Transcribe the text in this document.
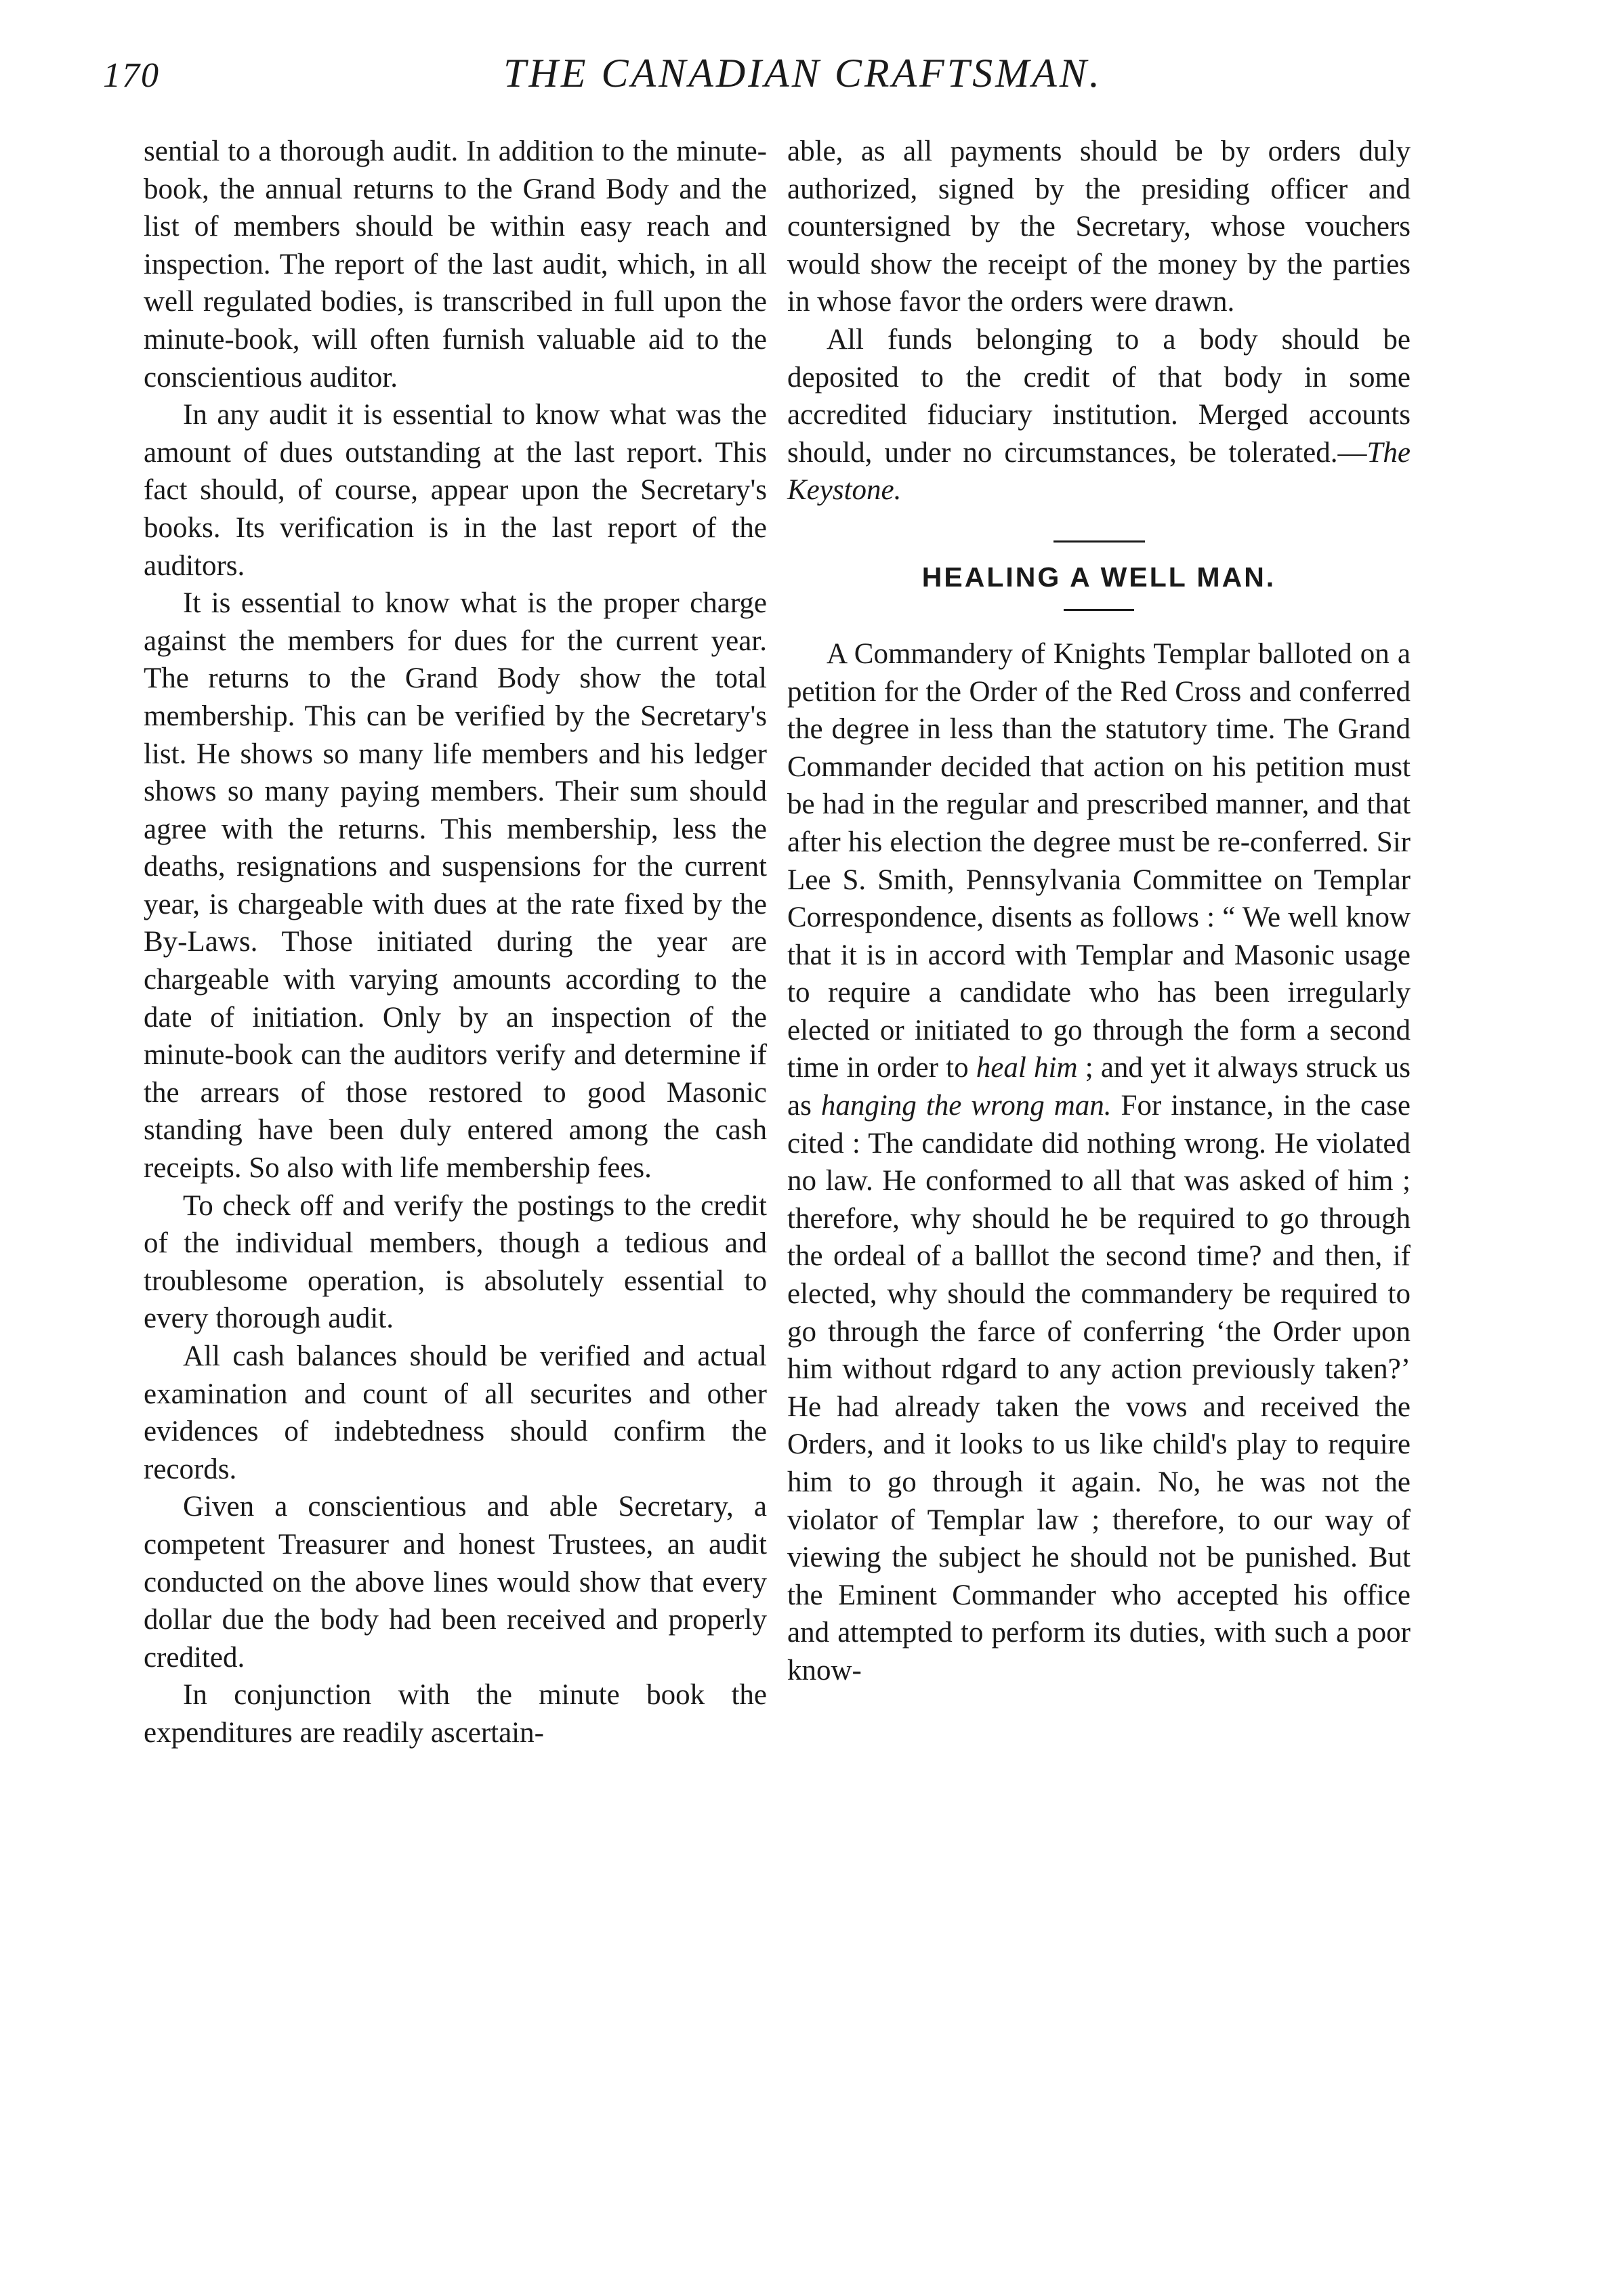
170	THE CANADIAN CRAFTSMAN.

sential to a thorough audit. In addition to the minute-book, the annual returns to the Grand Body and the list of members should be within easy reach and inspection. The report of the last audit, which, in all well regulated bodies, is transcribed in full upon the minute-book, will often furnish valuable aid to the conscientious auditor.

In any audit it is essential to know what was the amount of dues outstanding at the last report. This fact should, of course, appear upon the Secretary's books. Its verification is in the last report of the auditors.

It is essential to know what is the proper charge against the members for dues for the current year. The returns to the Grand Body show the total membership. This can be verified by the Secretary's list. He shows so many life members and his ledger shows so many paying members. Their sum should agree with the returns. This membership, less the deaths, resignations and suspensions for the current year, is chargeable with dues at the rate fixed by the By-Laws. Those initiated during the year are chargeable with varying amounts according to the date of initiation. Only by an inspection of the minute-book can the auditors verify and determine if the arrears of those restored to good Masonic standing have been duly entered among the cash receipts. So also with life membership fees.

To check off and verify the postings to the credit of the individual members, though a tedious and troublesome operation, is absolutely essential to every thorough audit.

All cash balances should be verified and actual examination and count of all securites and other evidences of indebtedness should confirm the records.

Given a conscientious and able Secretary, a competent Treasurer and honest Trustees, an audit conducted on the above lines would show that every dollar due the body had been received and properly credited.

In conjunction with the minute book the expenditures are readily ascertain-

able, as all payments should be by orders duly authorized, signed by the presiding officer and countersigned by the Secretary, whose vouchers would show the receipt of the money by the parties in whose favor the orders were drawn.

All funds belonging to a body should be deposited to the credit of that body in some accredited fiduciary institution. Merged accounts should, under no circumstances, be tolerated.—The Keystone.

HEALING A WELL MAN.

A Commandery of Knights Templar balloted on a petition for the Order of the Red Cross and conferred the degree in less than the statutory time. The Grand Commander decided that action on his petition must be had in the regular and prescribed manner, and that after his election the degree must be re-conferred. Sir Lee S. Smith, Pennsylvania Committee on Templar Correspondence, disents as follows : “ We well know that it is in accord with Templar and Masonic usage to require a candidate who has been irregularly elected or initiated to go through the form a second time in order to heal him ; and yet it always struck us as hanging the wrong man. For instance, in the case cited : The candidate did nothing wrong. He violated no law. He conformed to all that was asked of him ; therefore, why should he be required to go through the ordeal of a balllot the second time? and then, if elected, why should the commandery be required to go through the farce of conferring ‘the Order upon him without rdgard to any action previously taken?’ He had already taken the vows and received the Orders, and it looks to us like child's play to require him to go through it again. No, he was not the violator of Templar law ; therefore, to our way of viewing the subject he should not be punished. But the Eminent Commander who accepted his office and attempted to perform its duties, with such a poor know-
